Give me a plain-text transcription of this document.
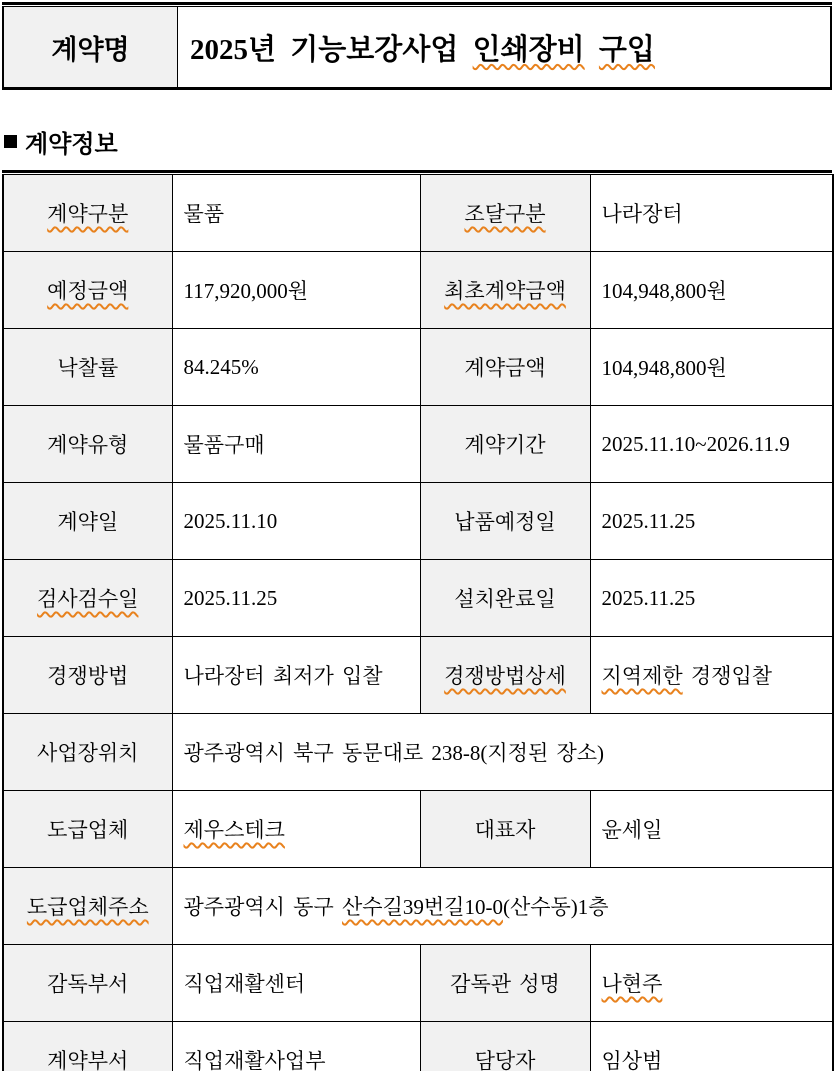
계약명	2025년 기능보강사업 인쇄장비 구입
계약정보
계약구분	물품	조달구분	나라장터
예정금액	117,920,000원	최초계약금액	104,948,800원
낙찰률	84.245%	계약금액	104,948,800원
계약유형	물품구매	계약기간	2025.11.10~2026.11.9
계약일	2025.11.10	납품예정일	2025.11.25
검사검수일	2025.11.25	설치완료일	2025.11.25
경쟁방법	나라장터 최저가 입찰	경쟁방법상세	지역제한 경쟁입찰
사업장위치	광주광역시 북구 동문대로 238-8(지정된 장소)		
도급업체	제우스테크	대표자	윤세일
도급업체주소	광주광역시 동구 산수길39번길10-0(산수동)1층		
감독부서	직업재활센터	감독관 성명	나현주
계약부서	직업재활사업부	담당자	임상범
